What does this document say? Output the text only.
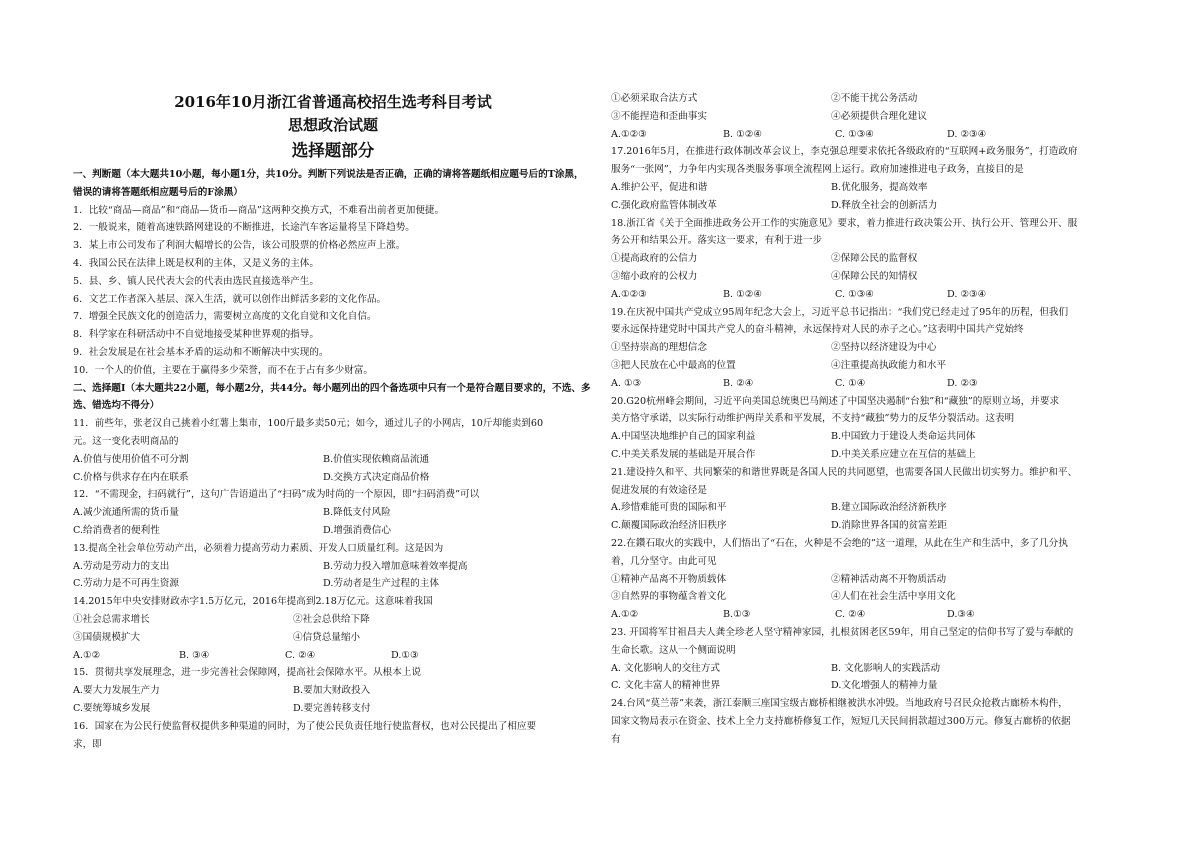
2016年10月浙江省普通高校招生选考科目考试
思想政治试题
选择题部分
一、判断题（本大题共10小题，每小题1分，共10分。判断下列说法是否正确，正确的请将答题纸相应题号后的T涂黑，错误的请将答题纸相应题号后的F涂黑）
1．比较“商品—商品”和“商品—货币—商品”这两种交换方式，不难看出前者更加便捷。
2．一般说来，随着高速铁路网建设的不断推进，长途汽车客运量将呈下降趋势。
3．某上市公司发布了利润大幅增长的公告，该公司股票的价格必然应声上涨。
4．我国公民在法律上既是权利的主体，又是义务的主体。
5．县、乡、镇人民代表大会的代表由选民直接选举产生。
6．文艺工作者深入基层、深入生活，就可以创作出鲜活多彩的文化作品。
7．增强全民族文化的创造活力，需要树立高度的文化自觉和文化自信。
8．科学家在科研活动中不自觉地接受某种世界观的指导。
9．社会发展是在社会基本矛盾的运动和不断解决中实现的。
10．一个人的价值，主要在于赢得多少荣誉，而不在于占有多少财富。
二、选择题Ⅰ（本大题共22小题，每小题2分，共44分。每小题列出的四个备选项中只有一个是符合题目要求的，不选、多选、错选均不得分）
11．前些年，张老汉自己挑着小红薯上集市，100斤最多卖50元；如今，通过儿子的小网店，10斤却能卖到60
元。这一变化表明商品的
A.价值与使用价值不可分割	B.价值实现依赖商品流通
C.价格与供求存在内在联系	D.交换方式决定商品价格
12．“不需现金，扫码就行”，这句广告语道出了“扫码”成为时尚的一个原因，即“扫码消费”可以
A.减少流通所需的货币量	B.降低支付风险
C.给消费者的便利性	D.增强消费信心
13.提高全社会单位劳动产出，必须着力提高劳动力素质、开发人口质量红利。这是因为
A.劳动是劳动力的支出	B.劳动力投入增加意味着效率提高
C.劳动力是不可再生资源	D.劳动者是生产过程的主体
14.2015年中央安排财政赤字1.5万亿元，2016年提高到2.18万亿元。这意味着我国
①社会总需求增长	②社会总供给下降
③国债规模扩大	④信贷总量缩小
A.①②	B. ③④	C. ②④	D.①③
15．贯彻共享发展理念，进一步完善社会保障网，提高社会保障水平。从根本上说
A.要大力发展生产力	B.要加大财政投入
C.要统筹城乡发展	D.要完善转移支付
16．国家在为公民行使监督权提供多种渠道的同时，为了使公民负责任地行使监督权，也对公民提出了相应要
求，即
①必须采取合法方式	②不能干扰公务活动
③不能捏造和歪曲事实	④必须提供合理化建议
A.①②③	B. ①②④	C. ①③④	D. ②③④
17.2016年5月，在推进行政体制改革会议上，李克强总理要求依托各级政府的“互联网+政务服务”，打造政府
服务“一张网”，力争年内实现各类服务事项全流程网上运行。政府加速推进电子政务，直接目的是
A.维护公平，促进和谐	B.优化服务，提高效率
C.强化政府监管体制改革	D.释放全社会的创新活力
18.浙江省《关于全面推进政务公开工作的实施意见》要求，着力推进行政决策公开、执行公开、管理公开、服
务公开和结果公开。落实这一要求，有利于进一步
①提高政府的公信力	②保障公民的监督权
③缩小政府的公权力	④保障公民的知情权
A.①②③	B. ①②④	C. ①③④	D. ②③④
19.在庆祝中国共产党成立95周年纪念大会上，习近平总书记指出：“我们党已经走过了95年的历程，但我们
要永远保持建党时中国共产党人的奋斗精神，永远保持对人民的赤子之心。”这表明中国共产党始终
①坚持崇高的理想信念	②坚持以经济建设为中心
③把人民放在心中最高的位置	④注重提高执政能力和水平
A. ①③	B. ②④	C. ①④	D. ②③
20.G20杭州峰会期间，习近平向美国总统奥巴马阐述了中国坚决遏制“台独”和“藏独”的原则立场，并要求
美方恪守承诺，以实际行动维护两岸关系和平发展，不支持“藏独”势力的反华分裂活动。这表明
A.中国坚决地维护自己的国家利益	B.中国致力于建设人类命运共同体
C.中美关系发展的基础是开展合作	D.中美关系应建立在互信的基础上
21.建设持久和平、共同繁荣的和谐世界既是各国人民的共同愿望，也需要各国人民做出切实努力。维护和平、
促进发展的有效途径是
A.珍惜难能可贵的国际和平	B.建立国际政治经济新秩序
C.颠覆国际政治经济旧秩序	D.消除世界各国的贫富差距
22.在鑽石取火的实践中，人们悟出了“石在，火种是不会绝的”这一道理，从此在生产和生活中，多了几分执
着，几分坚守。由此可见
①精神产品离不开物质载体	②精神活动离不开物质活动
③自然界的事物蕴含着文化	④人们在社会生活中享用文化
A.①②	B.①③	C. ②④	D.③④
23. 开国将军甘祖昌夫人龚全珍老人坚守精神家园，扎根贫困老区59年，用自己坚定的信仰书写了爱与奉献的
生命长歌。这从一个侧面说明
A. 文化影响人的交往方式	B. 文化影响人的实践活动
C. 文化丰富人的精神世界	D.文化增强人的精神力量
24.台风“莫兰蒂”来袭，浙江泰顺三座国宝级古廊桥相继被洪水冲毁。当地政府号召民众抢救古廊桥木构件，
国家文物局表示在资金、技术上全力支持廊桥修复工作，短短几天民间捐款超过300万元。修复古廊桥的依据
有
